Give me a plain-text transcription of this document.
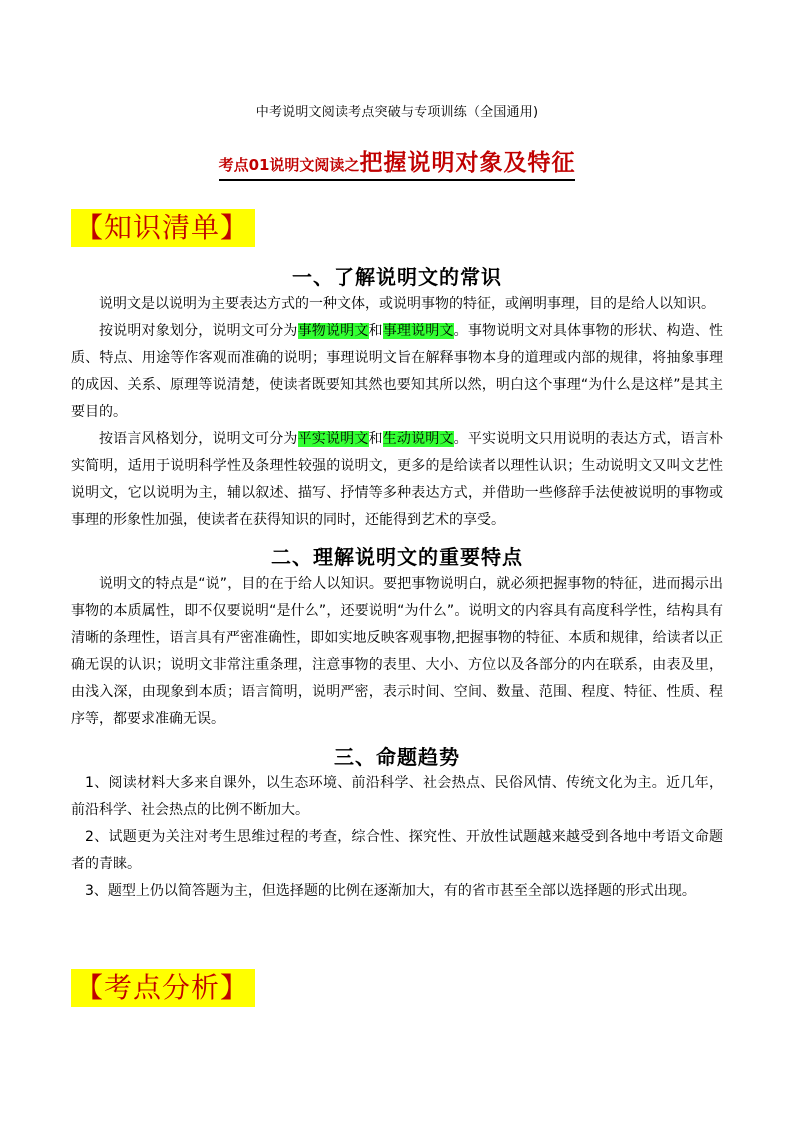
中考说明文阅读考点突破与专项训练（全国通用)
考点01说明文阅读之把握说明对象及特征
【知识清单】
一、了解说明文的常识

说明文是以说明为主要表达方式的一种文体，或说明事物的特征，或阐明事理，目的是给人以知识。

按说明对象划分，说明文可分为事物说明文和事理说明文。事物说明文对具体事物的形状、构造、性质、特点、用途等作客观而准确的说明；事理说明文旨在解释事物本身的道理或内部的规律，将抽象事理的成因、关系、原理等说清楚，使读者既要知其然也要知其所以然，明白这个事理“为什么是这样”是其主要目的。

按语言风格划分，说明文可分为平实说明文和生动说明文。平实说明文只用说明的表达方式，语言朴实简明，适用于说明科学性及条理性较强的说明文，更多的是给读者以理性认识；生动说明文又叫文艺性说明文，它以说明为主，辅以叙述、描写、抒情等多种表达方式，并借助一些修辞手法使被说明的事物或事理的形象性加强，使读者在获得知识的同时，还能得到艺术的享受。

二、理解说明文的重要特点

说明文的特点是“说”，目的在于给人以知识。要把事物说明白，就必须把握事物的特征，进而揭示出事物的本质属性，即不仅要说明“是什么”，还要说明“为什么”。说明文的内容具有高度科学性，结构具有清晰的条理性，语言具有严密准确性，即如实地反映客观事物,把握事物的特征、本质和规律，给读者以正确无误的认识；说明文非常注重条理，注意事物的表里、大小、方位以及各部分的内在联系，由表及里，由浅入深，由现象到本质；语言简明，说明严密，表示时间、空间、数量、范围、程度、特征、性质、程序等，都要求准确无误。

三、命题趋势

1、阅读材料大多来自课外，以生态环境、前沿科学、社会热点、民俗风情、传统文化为主。近几年，前沿科学、社会热点的比例不断加大。

2、试题更为关注对考生思维过程的考查，综合性、探究性、开放性试题越来越受到各地中考语文命题者的青睐。

3、题型上仍以简答题为主，但选择题的比例在逐渐加大，有的省市甚至全部以选择题的形式出现。

【考点分析】
